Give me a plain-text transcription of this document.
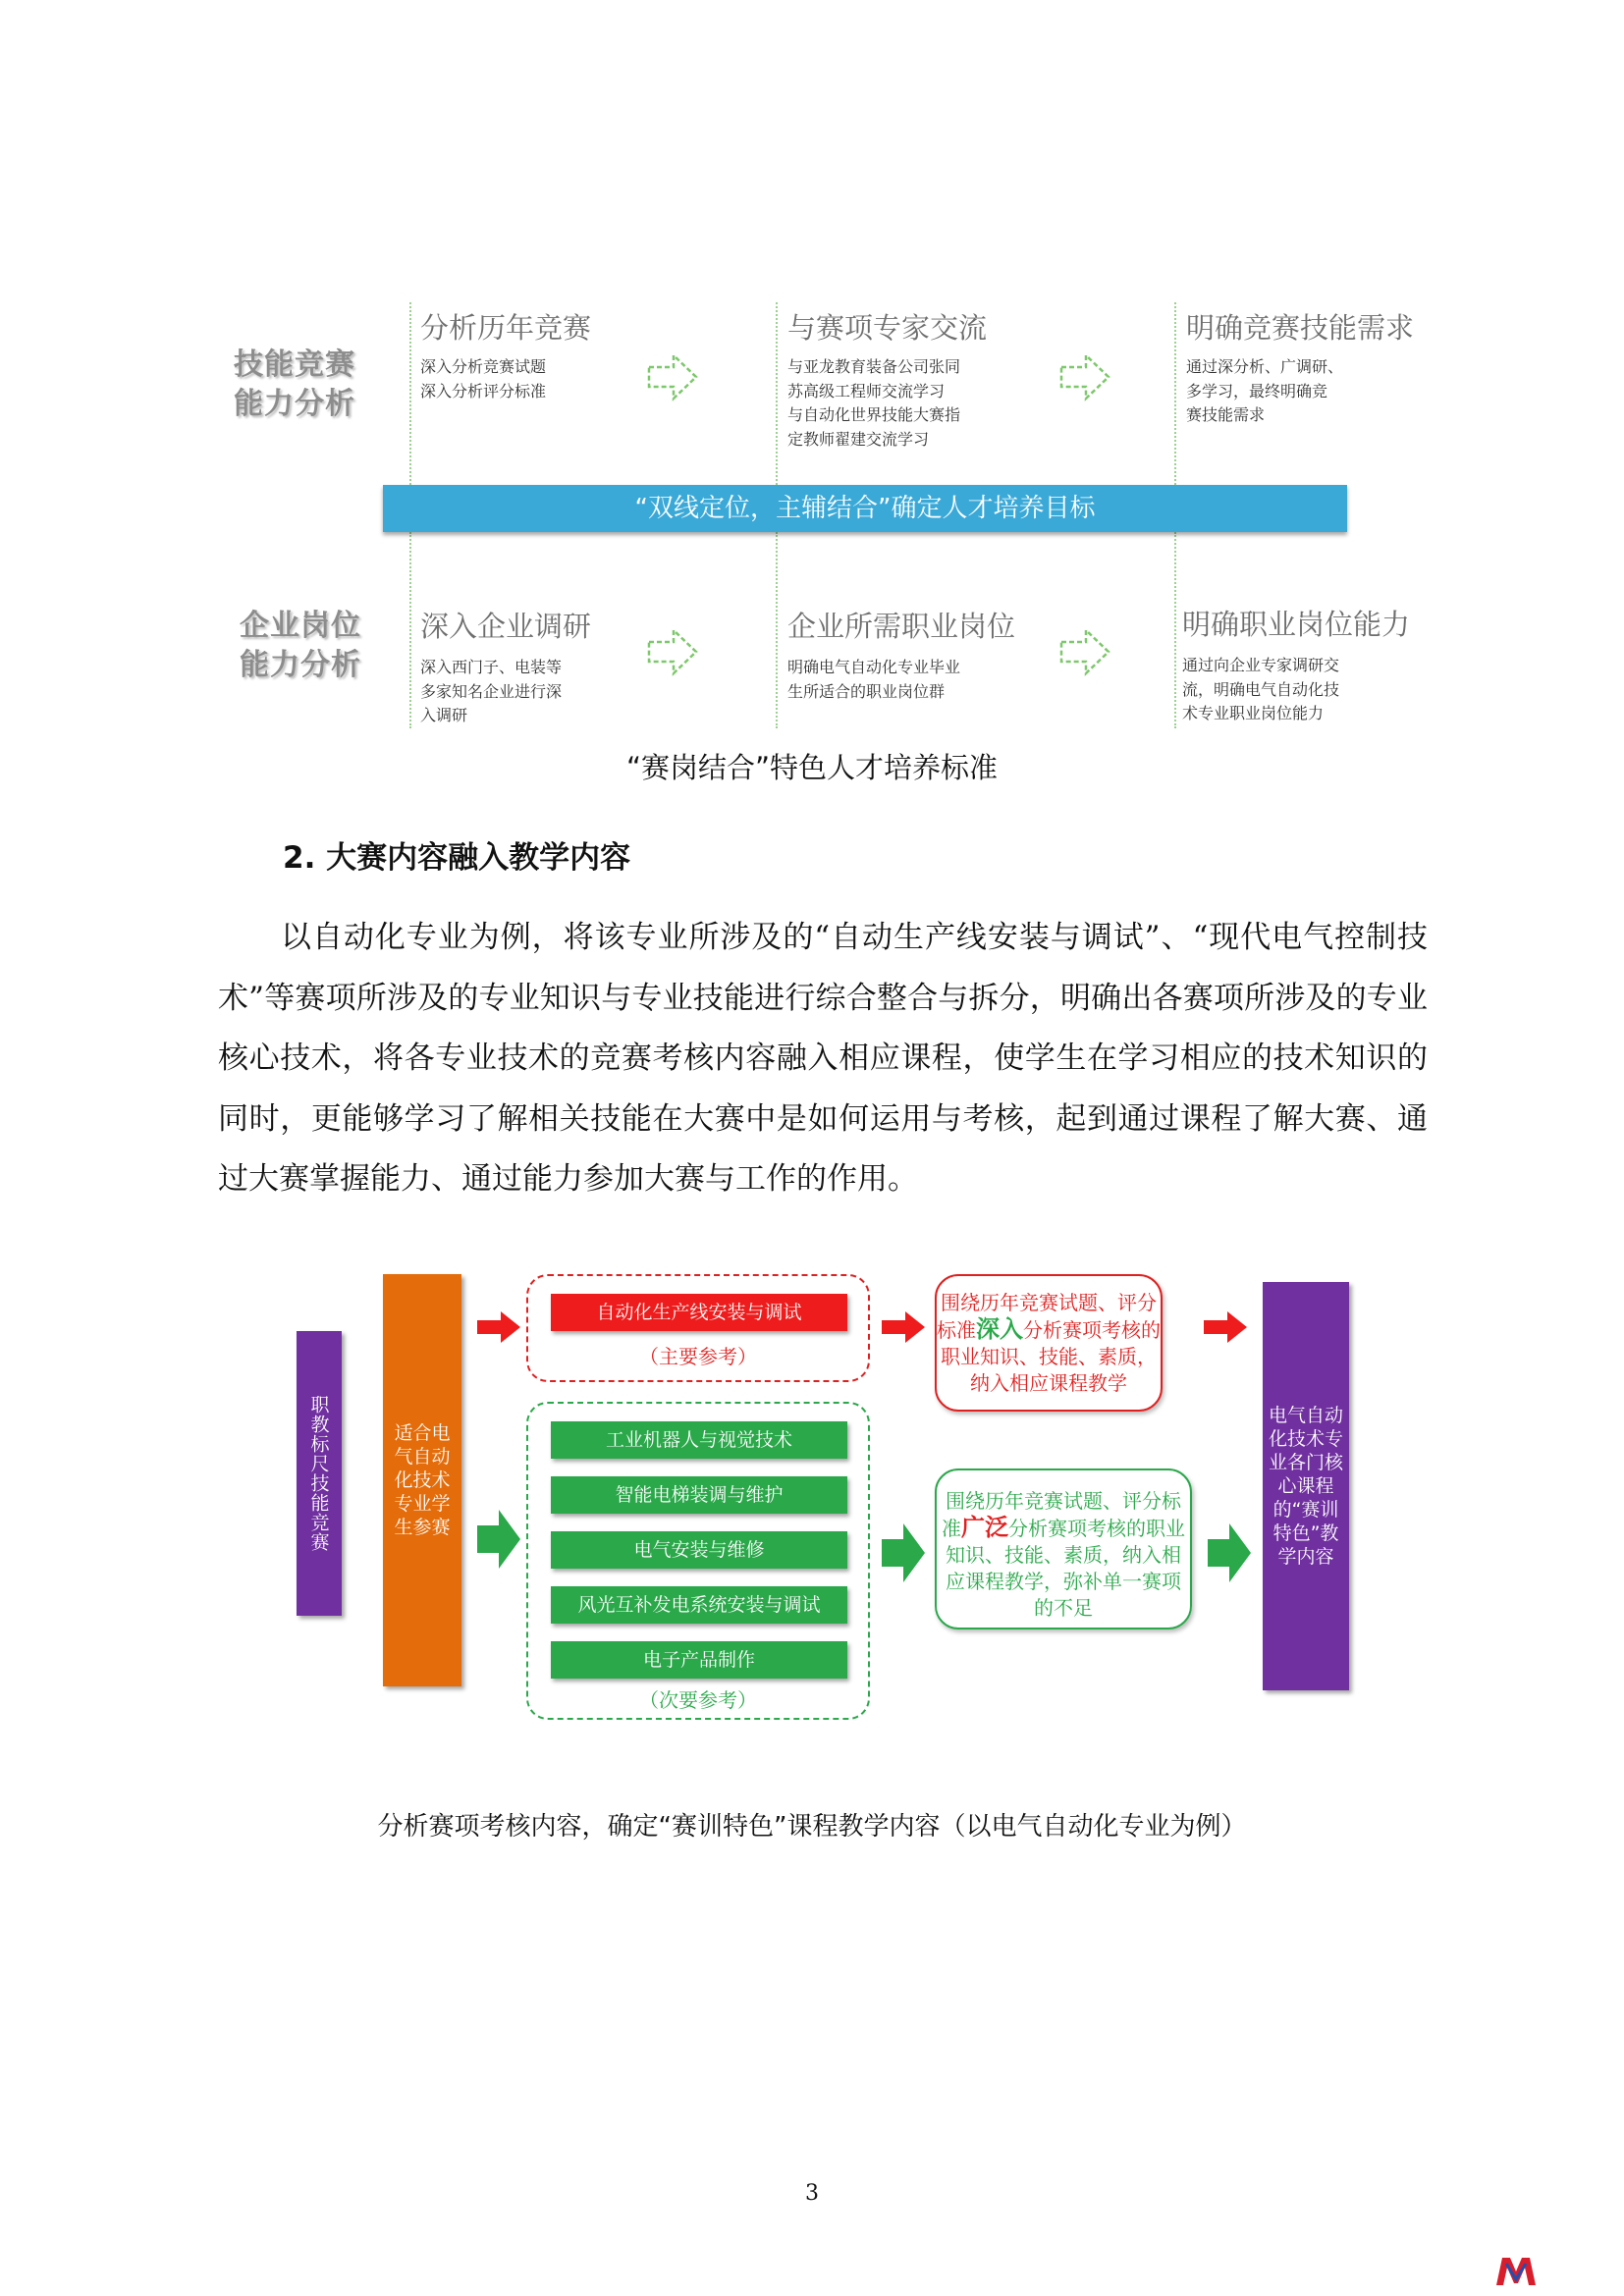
技能竞赛
能力分析
企业岗位
能力分析
分析历年竞赛
深入分析竞赛试题
深入分析评分标准
与赛项专家交流
与亚龙教育装备公司张同
苏高级工程师交流学习
与自动化世界技能大赛指
定教师翟建交流学习
明确竞赛技能需求
通过深分析、广调研、
多学习，最终明确竞
赛技能需求
“双线定位，主辅结合”确定人才培养目标
深入企业调研
深入西门子、电装等
多家知名企业进行深
入调研
企业所需职业岗位
明确电气自动化专业毕业
生所适合的职业岗位群
明确职业岗位能力
通过向企业专家调研交
流，明确电气自动化技
术专业职业岗位能力
“赛岗结合”特色人才培养标准
2. 大赛内容融入教学内容
以自动化专业为例，将该专业所涉及的“自动生产线安装与调试”、“现代电气控制技术”等赛项所涉及的专业知识与专业技能进行综合整合与拆分，明确出各赛项所涉及的专业核心技术，将各专业技术的竞赛考核内容融入相应课程，使学生在学习相应的技术知识的同时，更能够学习了解相关技能在大赛中是如何运用与考核，起到通过课程了解大赛、通过大赛掌握能力、通过能力参加大赛与工作的作用。
职教标尺技能竞赛	适合电气自动化技术专业学生参赛
自动化生产线安装与调试
（主要参考）
工业机器人与视觉技术
智能电梯装调与维护
电气安装与维修
风光互补发电系统安装与调试
电子产品制作
（次要参考）
围绕历年竞赛试题、评分标准深入分析赛项考核的职业知识、技能、素质，纳入相应课程教学
围绕历年竞赛试题、评分标准广泛分析赛项考核的职业知识、技能、素质，纳入相应课程教学，弥补单一赛项的不足
电气自动化技术专业各门核心课程的“赛训特色”教学内容
分析赛项考核内容，确定“赛训特色”课程教学内容（以电气自动化专业为例）
3
